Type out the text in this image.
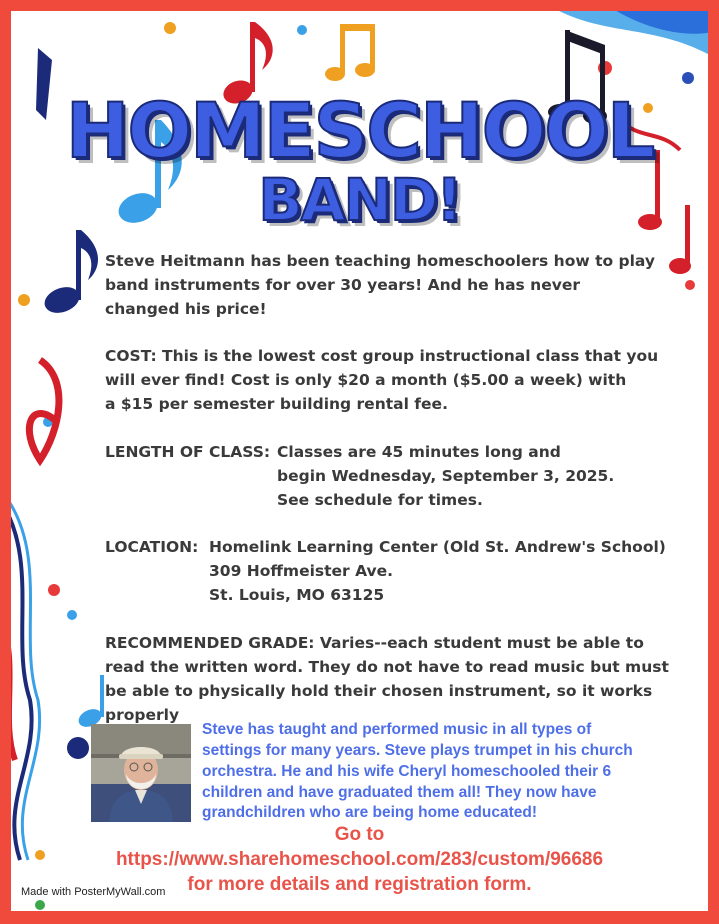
HOMESCHOOL

BAND!

Steve Heitmann has been teaching homeschoolers how to play

band instruments for over 30 years! And he has never

changed his price!

COST: This is the lowest cost group instructional class that you

will ever find! Cost is only $20 a month ($5.00 a week) with

a $15 per semester building rental fee.

LENGTH OF CLASS: Classes are 45 minutes long and

begin Wednesday, September 3, 2025.

See schedule for times.

LOCATION: Homelink Learning Center (Old St. Andrew's School)

309 Hoffmeister Ave.

St. Louis, MO 63125

RECOMMENDED GRADE: Varies--each student must be able to

read the written word. They do not have to read music but must

be able to physically hold their chosen instrument, so it works

properly

Steve has taught and performed music in all types of

settings for many years. Steve plays trumpet in his church

orchestra. He and his wife Cheryl homeschooled their 6

children and have graduated them all! They now have

grandchildren who are being home educated!

Go to

https://www.sharehomeschool.com/283/custom/96686

for more details and registration form.

Made with PosterMyWall.com
